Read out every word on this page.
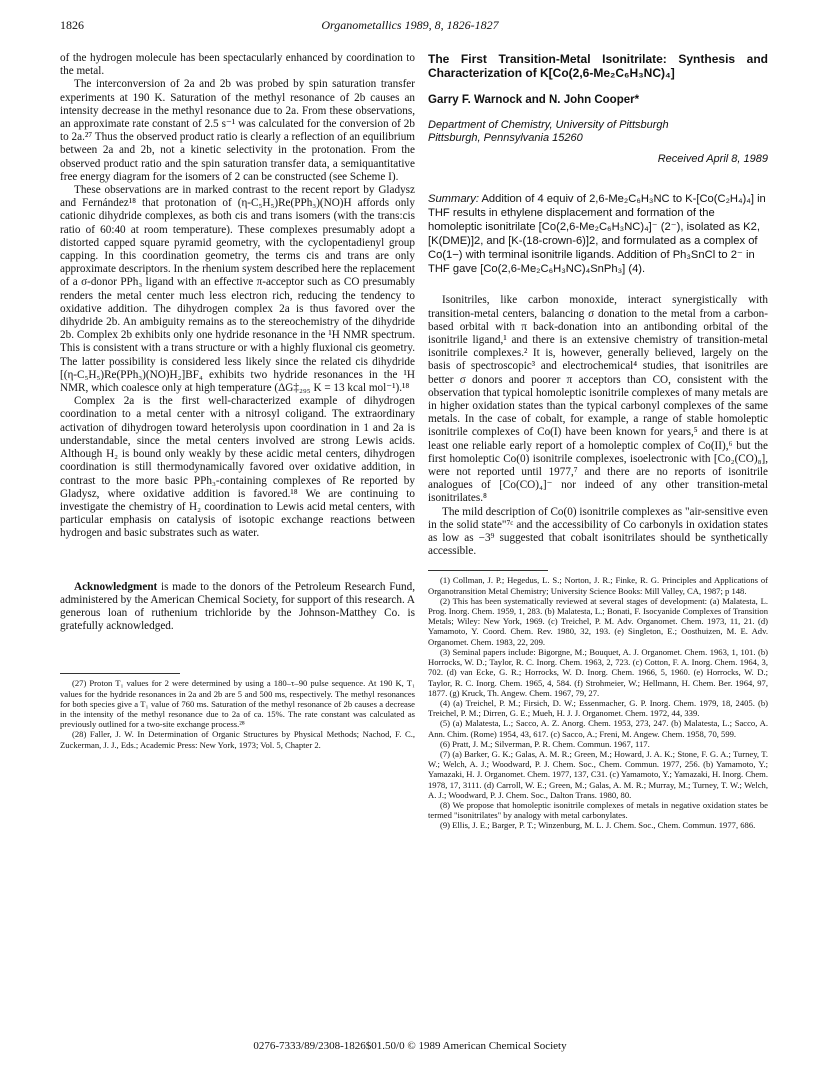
1826	Organometallics 1989, 8, 1826-1827

of the hydrogen molecule has been spectacularly enhanced by coordination to the metal.

The interconversion of 2a and 2b was probed by spin saturation transfer experiments at 190 K. Saturation of the methyl resonance of 2b causes an intensity decrease in the methyl resonance due to 2a. From these observations, an approximate rate constant of 2.5 s⁻¹ was calculated for the conversion of 2b to 2a.²⁷ Thus the observed product ratio is clearly a reflection of an equilibrium between 2a and 2b, not a kinetic selectivity in the protonation. From the observed product ratio and the spin saturation transfer data, a semiquantitative free energy diagram for the isomers of 2 can be constructed (see Scheme I).

These observations are in marked contrast to the recent report by Gladysz and Fernández¹⁸ that protonation of (η-C₅H₅)Re(PPh₃)(NO)H affords only cationic dihydride complexes, as both cis and trans isomers (with the trans:cis ratio of 60:40 at room temperature). These complexes presumably adopt a distorted capped square pyramid geometry, with the cyclopentadienyl group capping. In this coordination geometry, the terms cis and trans are only approximate descriptors. In the rhenium system described here the replacement of a σ-donor PPh₃ ligand with an effective π-acceptor such as CO presumably renders the metal center much less electron rich, reducing the tendency to oxidative addition. The dihydrogen complex 2a is thus favored over the dihydride 2b. An ambiguity remains as to the stereochemistry of the dihydride 2b. Complex 2b exhibits only one hydride resonance in the ¹H NMR spectrum. This is consistent with a trans structure or with a highly fluxional cis geometry. The latter possibility is considered less likely since the related cis dihydride [(η-C₅H₅)Re(PPh₃)(NO)H₂]BF₄ exhibits two hydride resonances in the ¹H NMR, which coalesce only at high temperature (ΔG‡₂₉₅ K = 13 kcal mol⁻¹).¹⁸

Complex 2a is the first well-characterized example of dihydrogen coordination to a metal center with a nitrosyl coligand. The extraordinary activation of dihydrogen toward heterolysis upon coordination in 1 and 2a is understandable, since the metal centers involved are strong Lewis acids. Although H₂ is bound only weakly by these acidic metal centers, dihydrogen coordination is still thermodynamically favored over oxidative addition, in contrast to the more basic PPh₃-containing complexes of Re reported by Gladysz, where oxidative addition is favored.¹⁸ We are continuing to investigate the chemistry of H₂ coordination to Lewis acid metal centers, with particular emphasis on catalysis of isotopic exchange reactions between hydrogen and basic substrates such as water.

Acknowledgment is made to the donors of the Petroleum Research Fund, administered by the American Chemical Society, for support of this research. A generous loan of ruthenium trichloride by the Johnson-Matthey Co. is gratefully acknowledged.

(27) Proton T₁ values for 2 were determined by using a 180–τ–90 pulse sequence. At 190 K, T₁ values for the hydride resonances in 2a and 2b are 5 and 500 ms, respectively. The methyl resonances for both species give a T₁ value of 760 ms. Saturation of the methyl resonance of 2b causes a decrease in the intensity of the methyl resonance due to 2a of ca. 15%. The rate constant was calculated as previously outlined for a two-site exchange process.²⁸
(28) Faller, J. W. In Determination of Organic Structures by Physical Methods; Nachod, F. C., Zuckerman, J. J., Eds.; Academic Press: New York, 1973; Vol. 5, Chapter 2.
The First Transition-Metal Isonitrilate: Synthesis and Characterization of K[Co(2,6-Me₂C₆H₃NC)₄]
Garry F. Warnock and N. John Cooper*
Department of Chemistry, University of Pittsburgh
Pittsburgh, Pennsylvania 15260
Received April 8, 1989
Summary: Addition of 4 equiv of 2,6-Me₂C₆H₃NC to K-[Co(C₂H₄)₄] in THF results in ethylene displacement and formation of the homoleptic isonitrilate [Co(2,6-Me₂C₆H₃NC)₄]⁻ (2⁻), isolated as K2, [K(DME)]2, and [K-(18-crown-6)]2, and formulated as a complex of Co(1−) with terminal isonitrile ligands. Addition of Ph₃SnCl to 2⁻ in THF gave [Co(2,6-Me₂C₆H₃NC)₄SnPh₃] (4).

Isonitriles, like carbon monoxide, interact synergistically with transition-metal centers, balancing σ donation to the metal from a carbon-based orbital with π back-donation into an antibonding orbital of the isonitrile ligand,¹ and there is an extensive chemistry of transition-metal isonitrile complexes.² It is, however, generally believed, largely on the basis of spectroscopic³ and electrochemical⁴ studies, that isonitriles are better σ donors and poorer π acceptors than CO, consistent with the observation that typical homoleptic isonitrile complexes of many metals are in higher oxidation states than the typical carbonyl complexes of the same metals. In the case of cobalt, for example, a range of stable homoleptic isonitrile complexes of Co(I) have been known for years,⁵ and there is at least one reliable early report of a homoleptic complex of Co(II),⁶ but the first homoleptic Co(0) isonitrile complexes, isoelectronic with [Co₂(CO)₈], were not reported until 1977,⁷ and there are no reports of isonitrile analogues of [Co(CO)₄]⁻ nor indeed of any other transition-metal isonitrilates.⁸

The mild description of Co(0) isonitrile complexes as "air-sensitive even in the solid state"⁷ᶜ and the accessibility of Co carbonyls in oxidation states as low as −3⁹ suggested that cobalt isonitrilates should be synthetically accessible.

(1) Collman, J. P.; Hegedus, L. S.; Norton, J. R.; Finke, R. G. Principles and Applications of Organotransition Metal Chemistry; University Science Books: Mill Valley, CA, 1987; p 148.
(2) This has been systematically reviewed at several stages of development: (a) Malatesta, L. Prog. Inorg. Chem. 1959, 1, 283. (b) Malatesta, L.; Bonati, F. Isocyanide Complexes of Transition Metals; Wiley: New York, 1969. (c) Treichel, P. M. Adv. Organomet. Chem. 1973, 11, 21. (d) Yamamoto, Y. Coord. Chem. Rev. 1980, 32, 193. (e) Singleton, E.; Oosthuizen, M. E. Adv. Organomet. Chem. 1983, 22, 209.
(3) Seminal papers include: Bigorgne, M.; Bouquet, A. J. Organomet. Chem. 1963, 1, 101. (b) Horrocks, W. D.; Taylor, R. C. Inorg. Chem. 1963, 2, 723. (c) Cotton, F. A. Inorg. Chem. 1964, 3, 702. (d) van Ecke, G. R.; Horrocks, W. D. Inorg. Chem. 1966, 5, 1960. (e) Horrocks, W. D.; Taylor, R. C. Inorg. Chem. 1965, 4, 584. (f) Strohmeier, W.; Hellmann, H. Chem. Ber. 1964, 97, 1877. (g) Kruck, Th. Angew. Chem. 1967, 79, 27.
(4) (a) Treichel, P. M.; Firsich, D. W.; Essenmacher, G. P. Inorg. Chem. 1979, 18, 2405. (b) Treichel, P. M.; Dirren, G. E.; Mueh, H. J. J. Organomet. Chem. 1972, 44, 339.
(5) (a) Malatesta, L.; Sacco, A. Z. Anorg. Chem. 1953, 273, 247. (b) Malatesta, L.; Sacco, A. Ann. Chim. (Rome) 1954, 43, 617. (c) Sacco, A.; Freni, M. Angew. Chem. 1958, 70, 599.
(6) Pratt, J. M.; Silverman, P. R. Chem. Commun. 1967, 117.
(7) (a) Barker, G. K.; Galas, A. M. R.; Green, M.; Howard, J. A. K.; Stone, F. G. A.; Turney, T. W.; Welch, A. J.; Woodward, P. J. Chem. Soc., Chem. Commun. 1977, 256. (b) Yamamoto, Y.; Yamazaki, H. J. Organomet. Chem. 1977, 137, C31. (c) Yamamoto, Y.; Yamazaki, H. Inorg. Chem. 1978, 17, 3111. (d) Carroll, W. E.; Green, M.; Galas, A. M. R.; Murray, M.; Turney, T. W.; Welch, A. J.; Woodward, P. J. Chem. Soc., Dalton Trans. 1980, 80.
(8) We propose that homoleptic isonitrile complexes of metals in negative oxidation states be termed "isonitrilates" by analogy with metal carbonylates.
(9) Ellis, J. E.; Barger, P. T.; Winzenburg, M. L. J. Chem. Soc., Chem. Commun. 1977, 686.
0276-7333/89/2308-1826$01.50/0 © 1989 American Chemical Society
